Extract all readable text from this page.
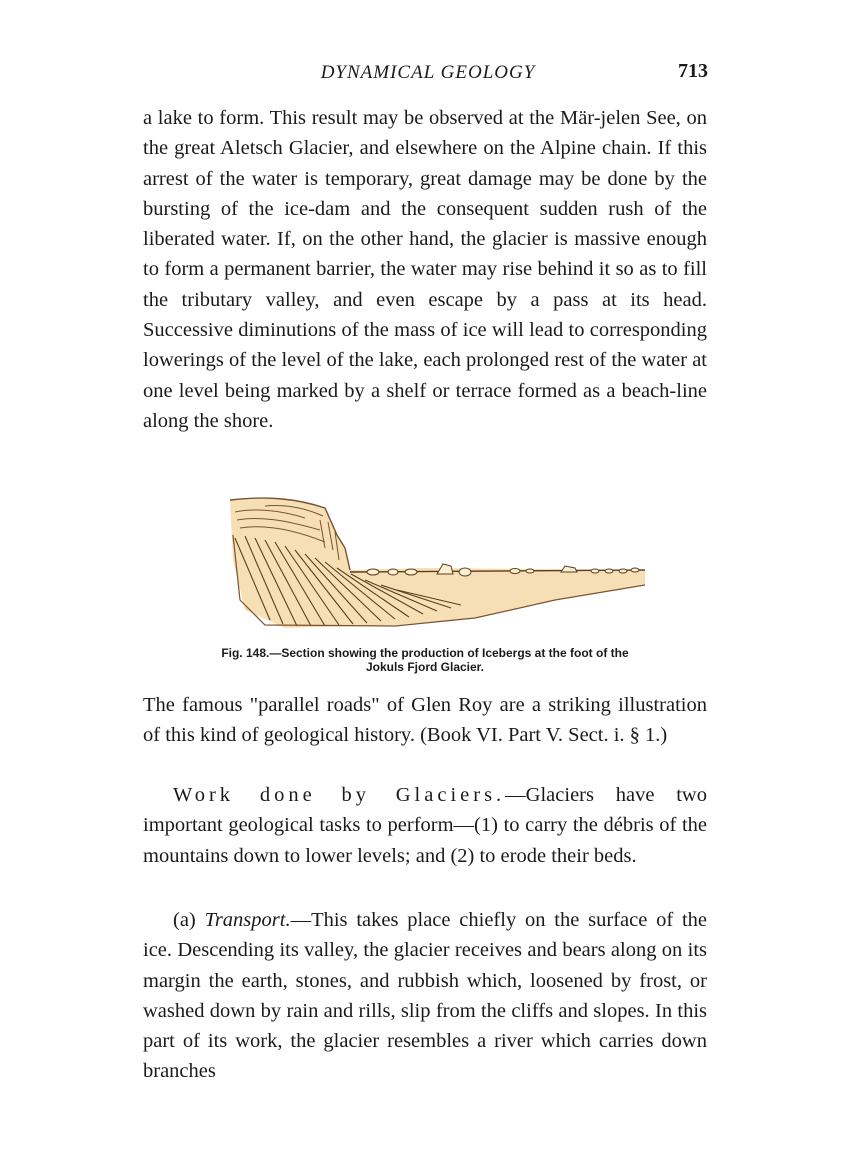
DYNAMICAL GEOLOGY	713

a lake to form. This result may be observed at the Mär-jelen See, on the great Aletsch Glacier, and elsewhere on the Alpine chain. If this arrest of the water is temporary, great damage may be done by the bursting of the ice-dam and the consequent sudden rush of the liberated water. If, on the other hand, the glacier is massive enough to form a permanent barrier, the water may rise behind it so as to fill the tributary valley, and even escape by a pass at its head. Successive diminutions of the mass of ice will lead to corresponding lowerings of the level of the lake, each prolonged rest of the water at one level being marked by a shelf or terrace formed as a beach-line along the shore.

Fig. 148.—Section showing the production of Icebergs at the foot of the
Jokuls Fjord Glacier.

The famous "parallel roads" of Glen Roy are a striking illustration of this kind of geological history. (Book VI. Part V. Sect. i. § 1.)

Work done by Glaciers.—Glaciers have two important geological tasks to perform—(1) to carry the débris of the mountains down to lower levels; and (2) to erode their beds.

(a) Transport.—This takes place chiefly on the surface of the ice. Descending its valley, the glacier receives and bears along on its margin the earth, stones, and rubbish which, loosened by frost, or washed down by rain and rills, slip from the cliffs and slopes. In this part of its work, the glacier resembles a river which carries down branches
